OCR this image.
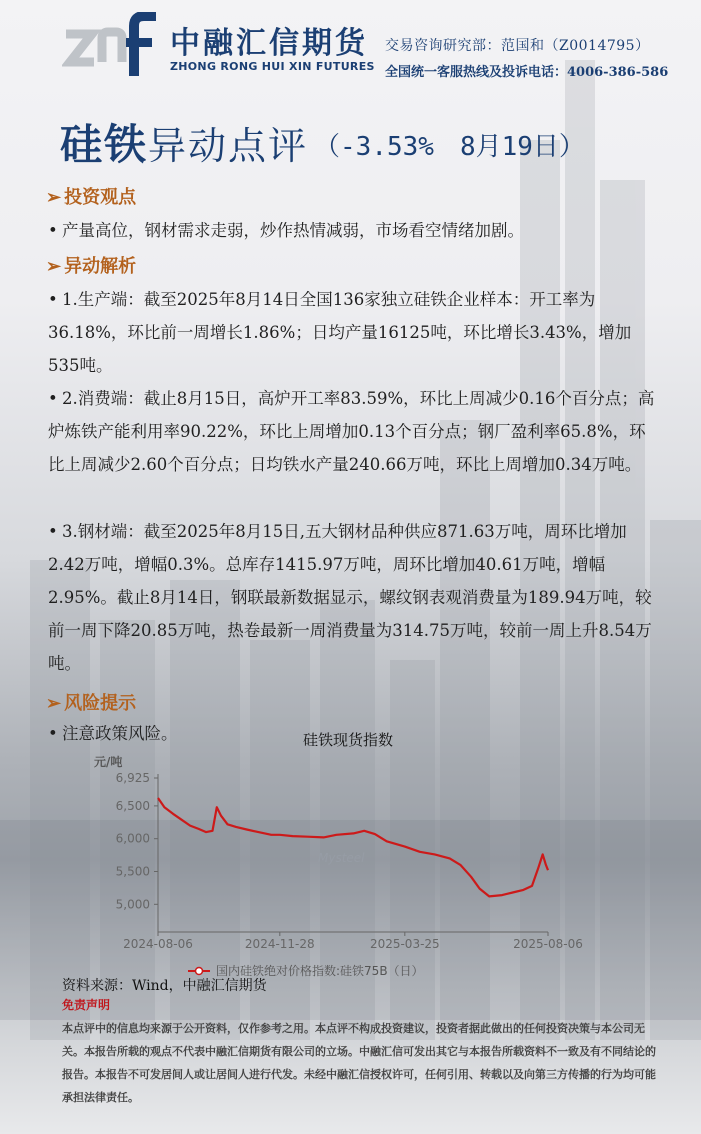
中融汇信期货
ZHONG RONG HUI XIN FUTURES
交易咨询研究部：范国和（Z0014795）
全国统一客服热线及投诉电话：4006-386-586
硅铁异动点评 （-3.53%　8月19日）
➢ 投资观点
• 产量高位，钢材需求走弱，炒作热情减弱，市场看空情绪加剧。
➢ 异动解析
• 1.生产端：截至2025年8月14日全国136家独立硅铁企业样本：开工率为36.18%，环比前一周增长1.86%；日均产量16125吨，环比增长3.43%，增加535吨。
• 2.消费端：截止8月15日，高炉开工率83.59%，环比上周减少0.16个百分点；高炉炼铁产能利用率90.22%，环比上周增加0.13个百分点；钢厂盈利率65.8%，环比上周减少2.60个百分点；日均铁水产量240.66万吨，环比上周增加0.34万吨。
• 3.钢材端：截至2025年8月15日,五大钢材品种供应871.63万吨，周环比增加2.42万吨，增幅0.3%。总库存1415.97万吨，周环比增加40.61万吨，增幅2.95%。截止8月14日，钢联最新数据显示，螺纹钢表观消费量为189.94万吨，较前一周下降20.85万吨，热卷最新一周消费量为314.75万吨，较前一周上升8.54万吨。
➢ 风险提示
• 注意政策风险。	硅铁现货指数
元/吨
6,925
6,500
6,000
5,500
5,000
2024-08-06	2024-11-28	2025-03-25	2025-08-06
Mysteel
国内硅铁绝对价格指数:硅铁75B（日）
资料来源：Wind，中融汇信期货
免责声明
本点评中的信息均来源于公开资料，仅作参考之用。本点评不构成投资建议，投资者据此做出的任何投资决策与本公司无关。本报告所载的观点不代表中融汇信期货有限公司的立场。中融汇信可发出其它与本报告所载资料不一致及有不同结论的报告。本报告不可发居间人或让居间人进行代发。未经中融汇信授权许可，任何引用、转载以及向第三方传播的行为均可能承担法律责任。
